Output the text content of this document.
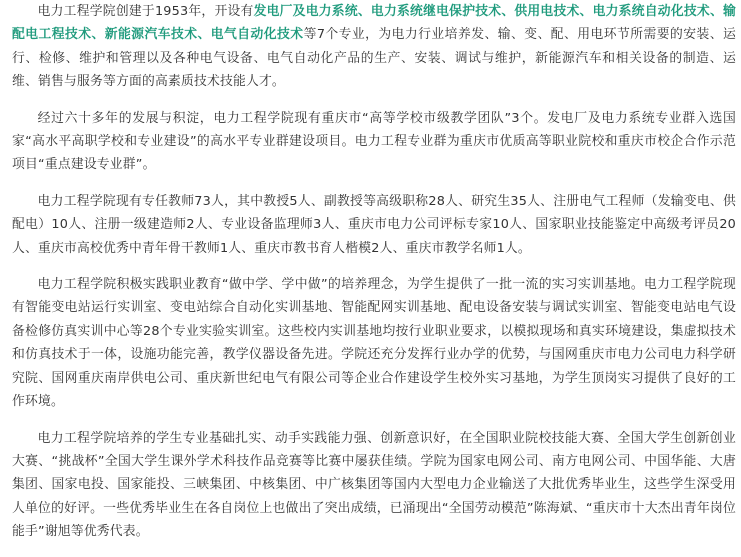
电力工程学院创建于1953年，开设有发电厂及电力系统、电力系统继电保护技术、供用电技术、电力系统自动化技术、输配电工程技术、新能源汽车技术、电气自动化技术等7个专业，为电力行业培养发、输、变、配、用电环节所需要的安装、运行、检修、维护和管理以及各种电气设备、电气自动化产品的生产、安装、调试与维护，新能源汽车和相关设备的制造、运维、销售与服务等方面的高素质技术技能人才。

经过六十多年的发展与积淀，电力工程学院现有重庆市“高等学校市级教学团队”3个。发电厂及电力系统专业群入选国家“高水平高职学校和专业建设”的高水平专业群建设项目。电力工程专业群为重庆市优质高等职业院校和重庆市校企合作示范项目“重点建设专业群”。

电力工程学院现有专任教师73人，其中教授5人、副教授等高级职称28人、研究生35人、注册电气工程师（发输变电、供配电）10人、注册一级建造师2人、专业设备监理师3人、重庆市电力公司评标专家10人、国家职业技能鉴定中高级考评员20人、重庆市高校优秀中青年骨干教师1人、重庆市教书育人楷模2人、重庆市教学名师1人。

电力工程学院积极实践职业教育“做中学、学中做”的培养理念，为学生提供了一批一流的实习实训基地。电力工程学院现有智能变电站运行实训室、变电站综合自动化实训基地、智能配网实训基地、配电设备安装与调试实训室、智能变电站电气设备检修仿真实训中心等28个专业实验实训室。这些校内实训基地均按行业职业要求，以模拟现场和真实环境建设，集虚拟技术和仿真技术于一体，设施功能完善，教学仪器设备先进。学院还充分发挥行业办学的优势，与国网重庆市电力公司电力科学研究院、国网重庆南岸供电公司、重庆新世纪电气有限公司等企业合作建设学生校外实习基地，为学生顶岗实习提供了良好的工作环境。

电力工程学院培养的学生专业基础扎实、动手实践能力强、创新意识好，在全国职业院校技能大赛、全国大学生创新创业大赛、“挑战杯”全国大学生课外学术科技作品竞赛等比赛中屡获佳绩。学院为国家电网公司、南方电网公司、中国华能、大唐集团、国家电投、国家能投、三峡集团、中核集团、中广核集团等国内大型电力企业输送了大批优秀毕业生，这些学生深受用人单位的好评。一些优秀毕业生在各自岗位上也做出了突出成绩，已涌现出“全国劳动模范”陈海斌、“重庆市十大杰出青年岗位能手”谢旭等优秀代表。
